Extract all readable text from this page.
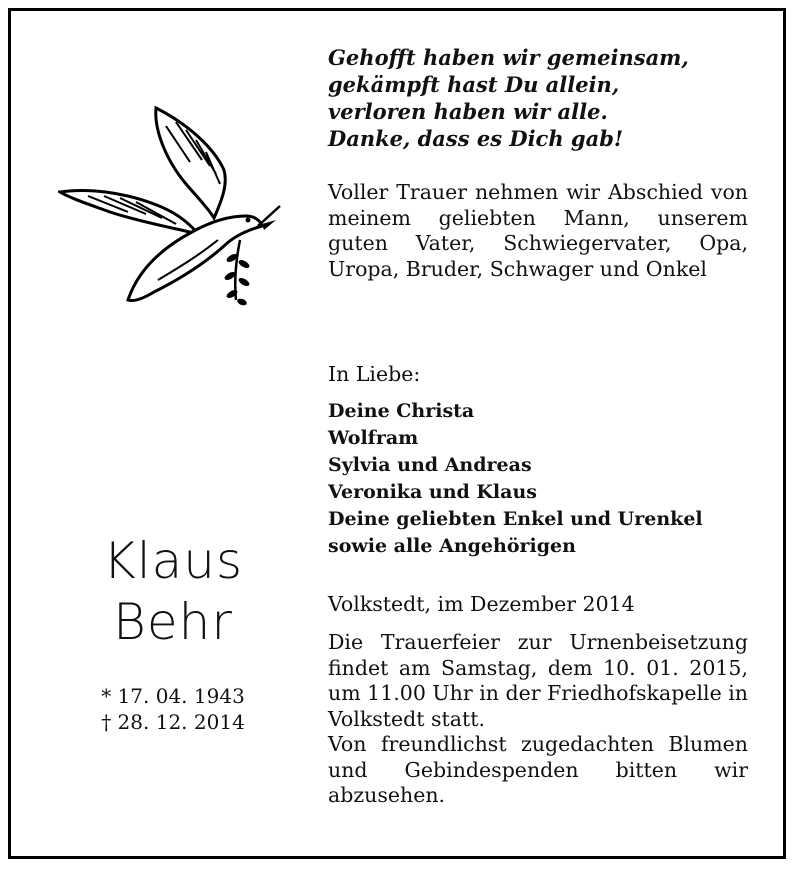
Klaus
Behr
* 17. 04. 1943
† 28. 12. 2014
Gehofft haben wir gemeinsam,
gekämpft hast Du allein,
verloren haben wir alle.
Danke, dass es Dich gab!
Voller Trauer nehmen wir Abschied von meinem geliebten Mann, unserem guten Vater, Schwiegervater, Opa, Uropa, Bruder, Schwager und Onkel
In Liebe:
Deine Christa
Wolfram
Sylvia und Andreas
Veronika und Klaus
Deine geliebten Enkel und Urenkel
sowie alle Angehörigen
Volkstedt, im Dezember 2014
Die Trauerfeier zur Urnenbeisetzung findet am Samstag, dem 10. 01. 2015, um 11.00 Uhr in der Friedhofskapelle in Volkstedt statt.
Von freundlichst zugedachten Blumen und Gebindespenden bitten wir abzusehen.
